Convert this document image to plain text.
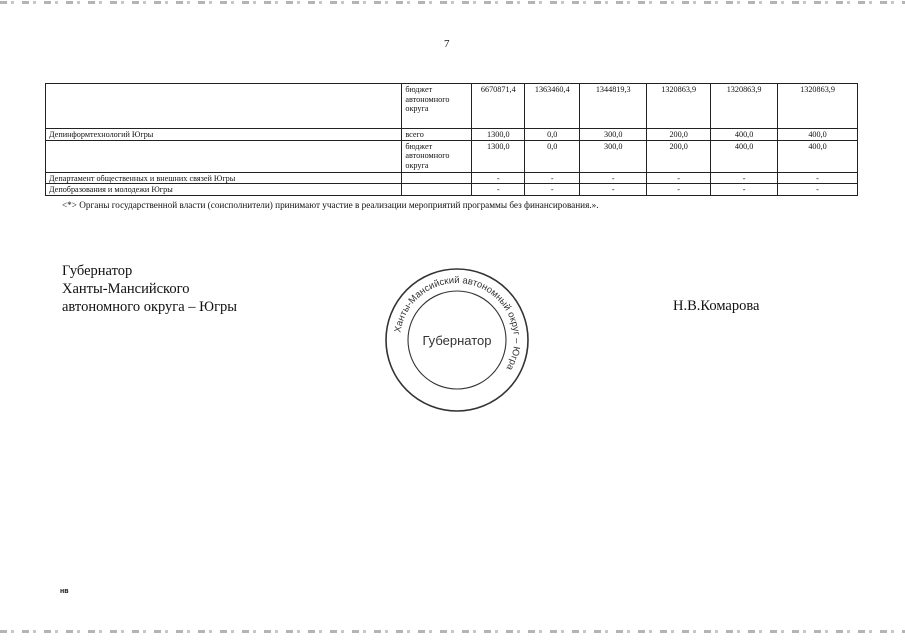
7
	бюджет автономного округа	6670871,4	1363460,4	1344819,3	1320863,9	1320863,9	1320863,9
Депинформтехнологий Югры	всего	1300,0	0,0	300,0	200,0	400,0	400,0
	бюджет автономного округа	1300,0	0,0	300,0	200,0	400,0	400,0
Департамент общественных и внешних связей Югры		-	-	-	-	-	-
Депобразования и молодежи Югры		-	-	-	-	-	-
<*> Органы государственной власти (соисполнители) принимают участие в реализации мероприятий программы без финансирования.».
Губернатор
Ханты-Мансийского
автономного округа – Югры
Ханты-Мансийский автономный округ – Югра
Губернатор
Н.В.Комарова
нв
